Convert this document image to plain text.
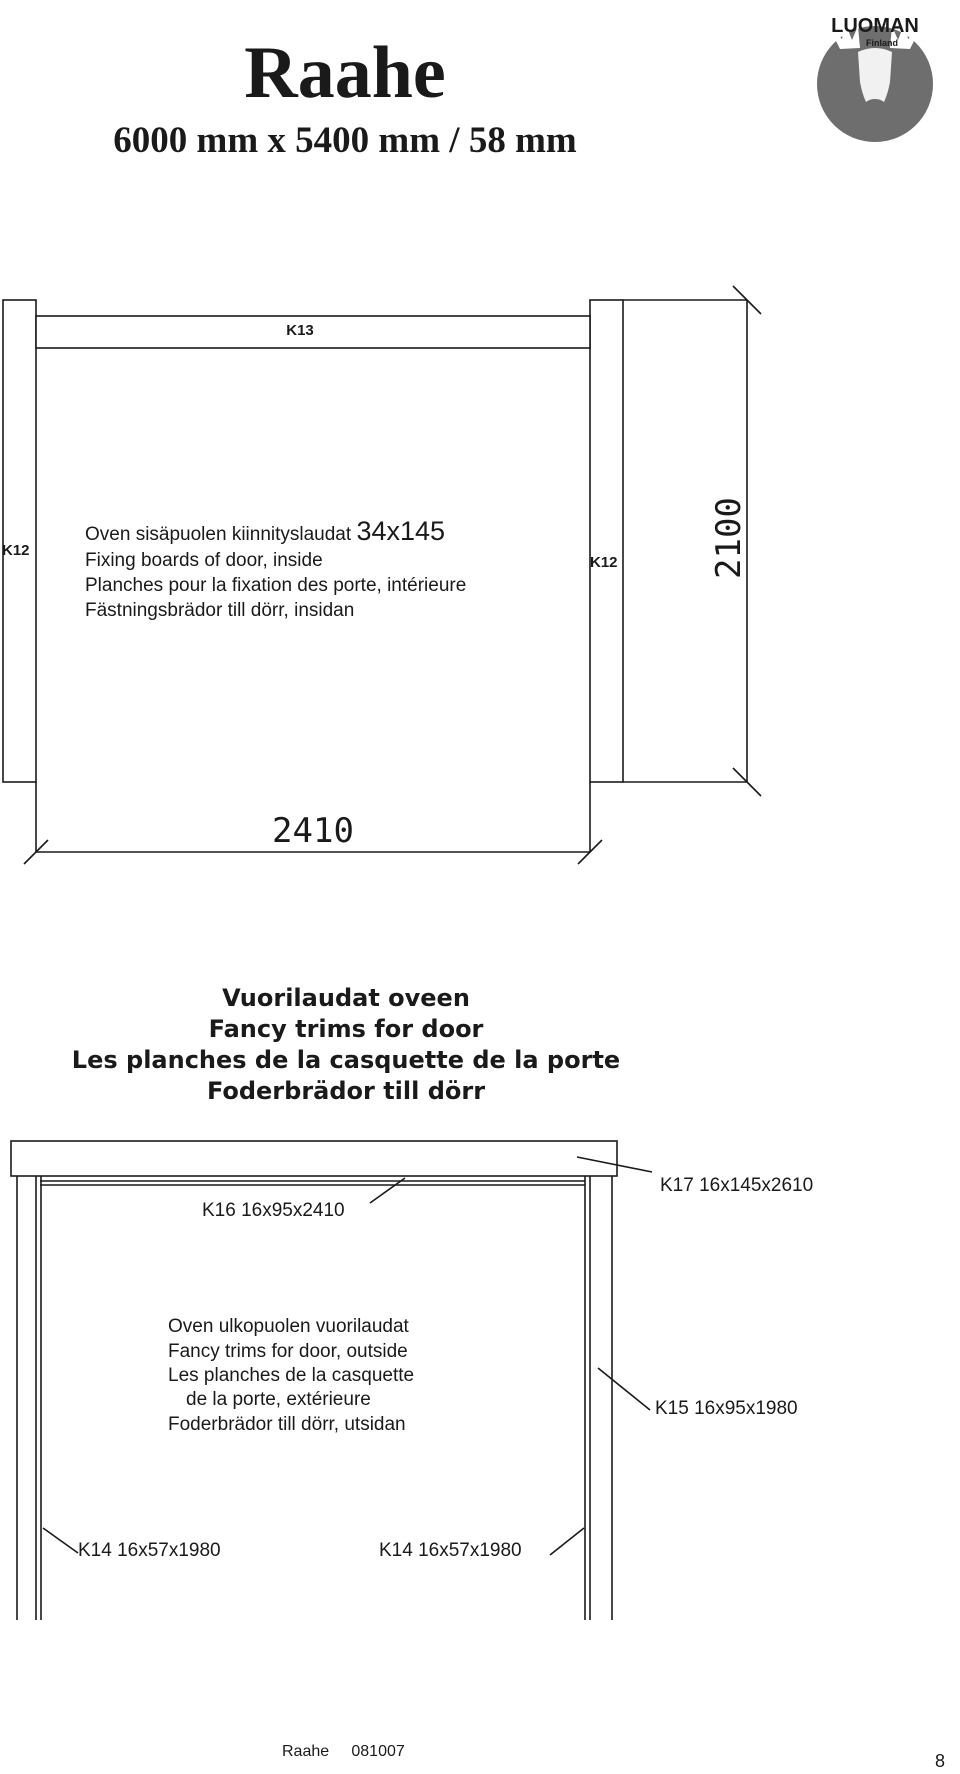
Raahe
6000 mm x 5400 mm / 58 mm
LUOMAN
Finland
K13
K12
K12
Oven sisäpuolen kiinnityslaudat 34x145
Fixing boards of door, inside
Planches pour la fixation des porte, intérieure
Fästningsbrädor till dörr, insidan
2100
2410
K16 16x95x2410
K17 16x145x2610
K15 16x95x1980
K14 16x57x1980	K14 16x57x1980
Oven ulkopuolen vuorilaudat
Fancy trims for door, outside
Les planches de la casquette
de la porte, extérieure
Foderbrädor till dörr, utsidan
Vuorilaudat oveen
Fancy trims for door
Les planches de la casquette de la porte
Foderbrädor till dörr
Raahe     081007	8
